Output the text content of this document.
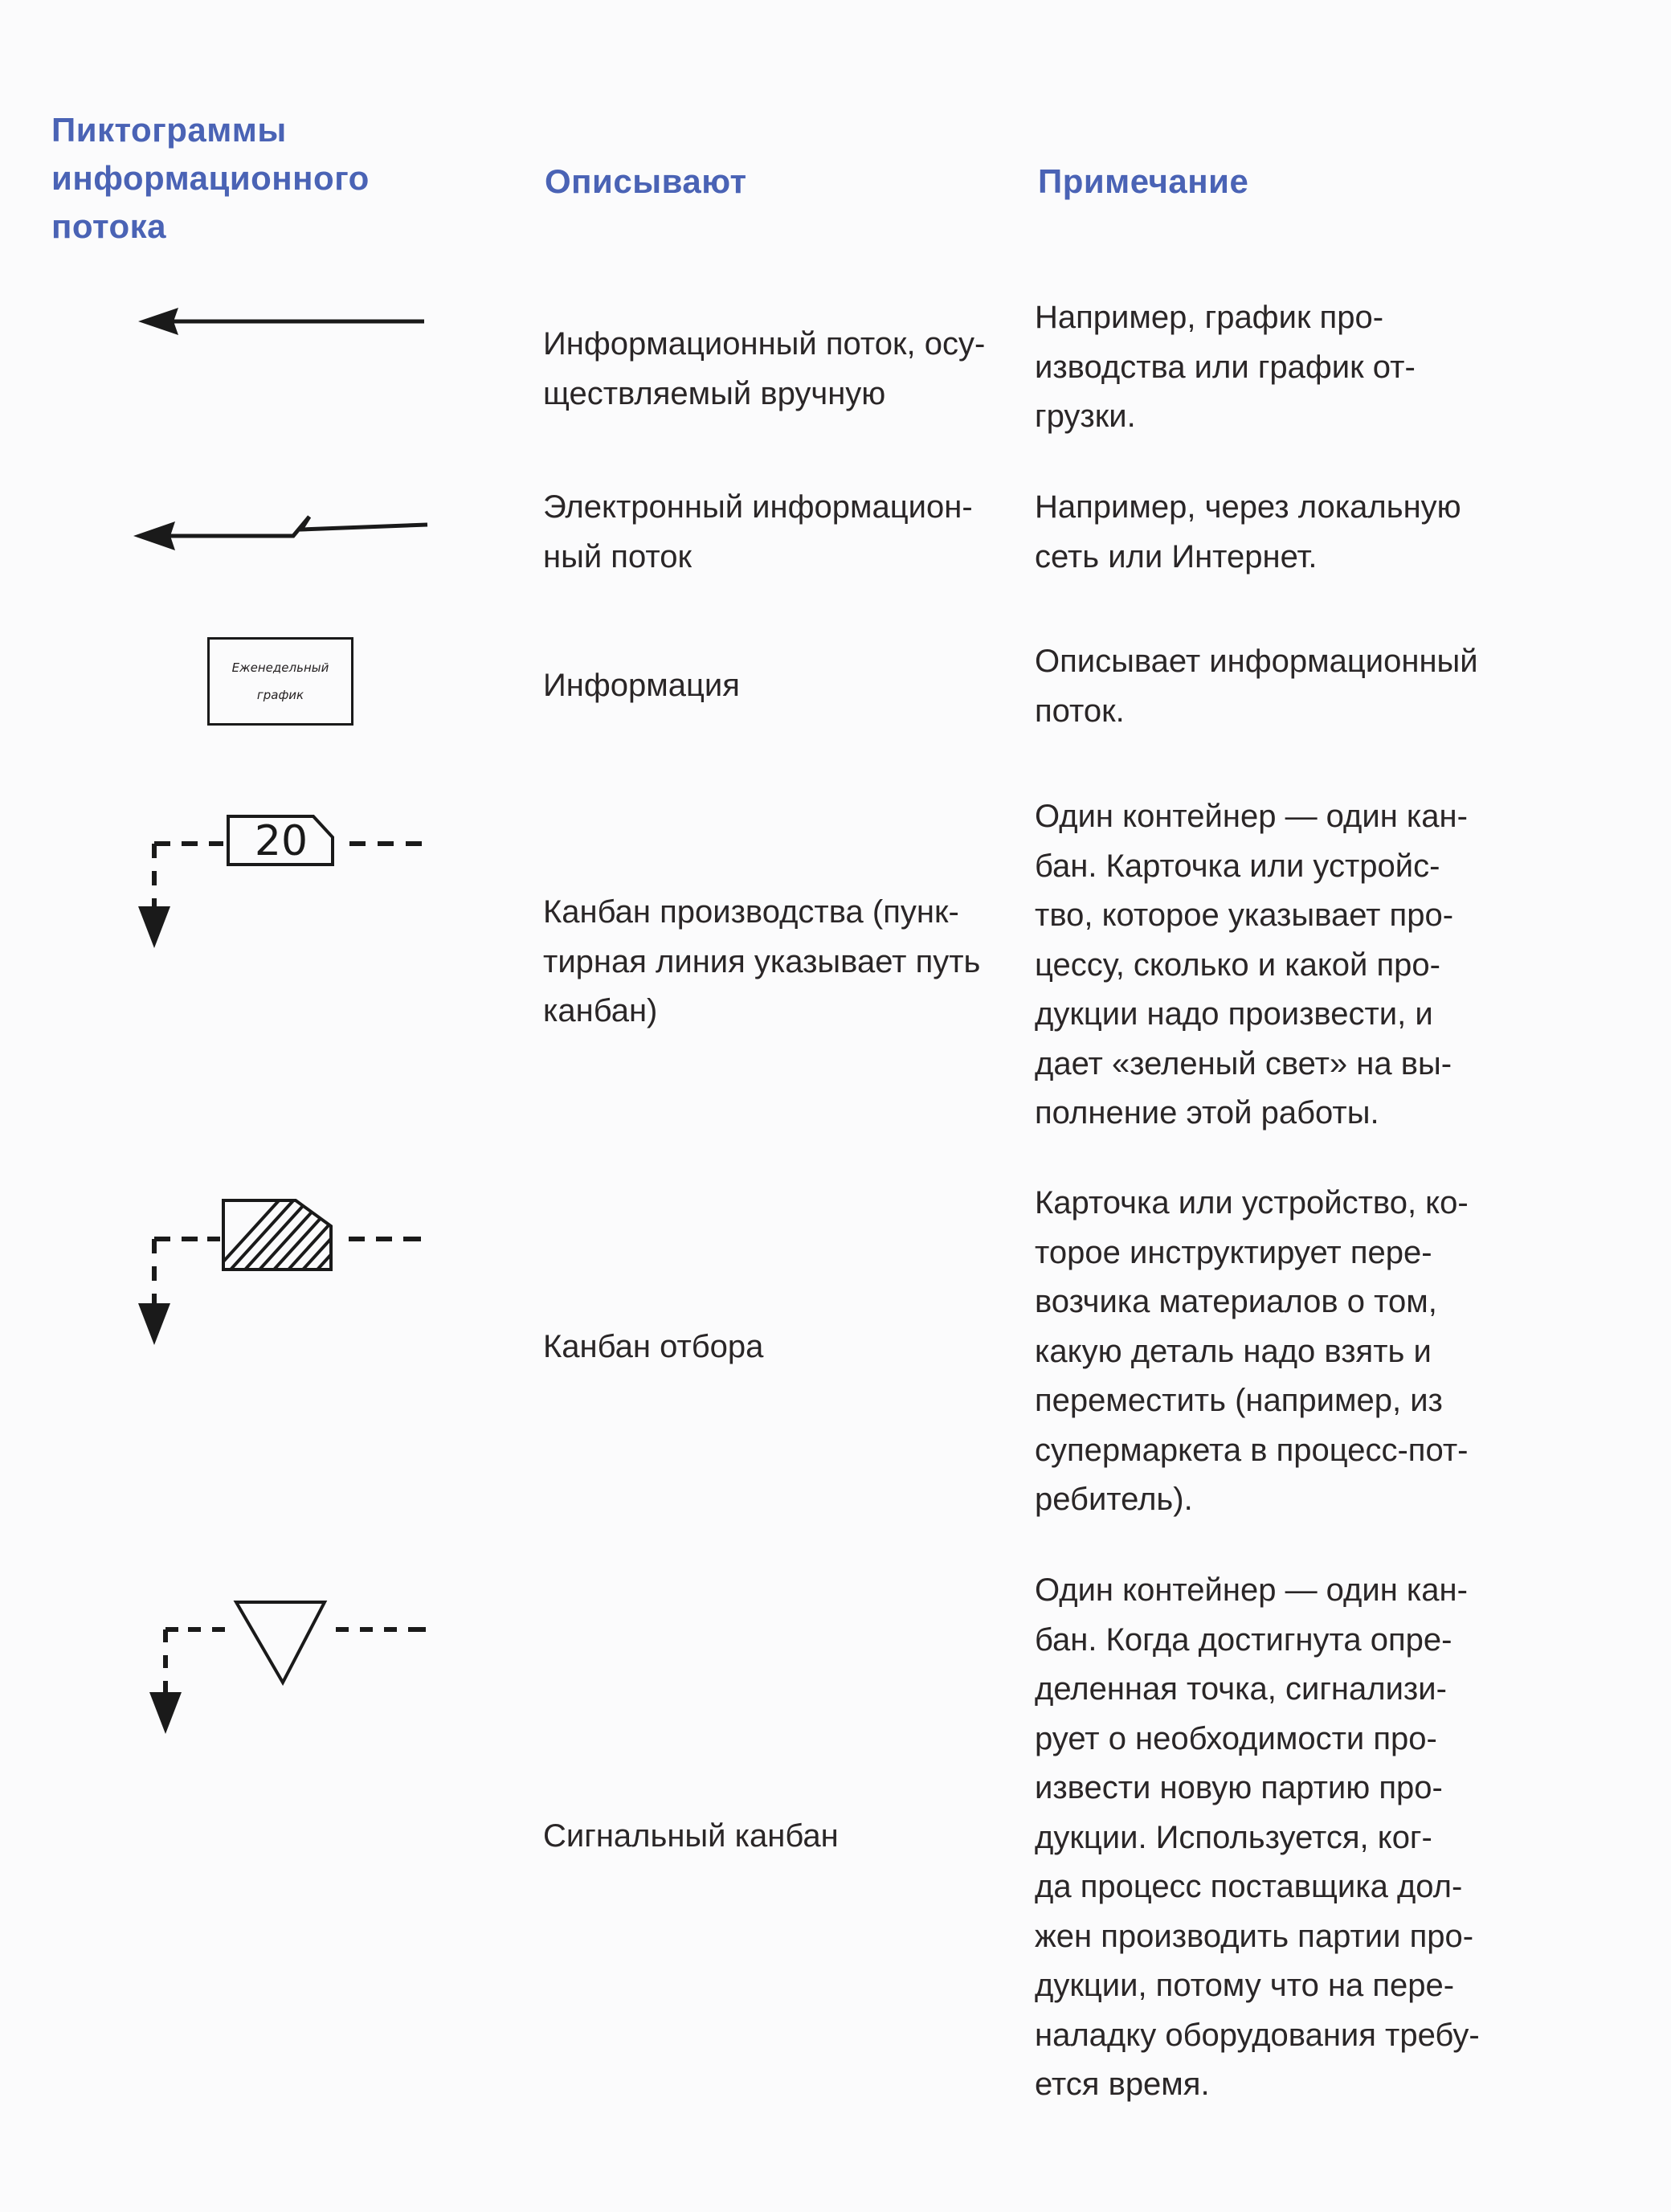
Пиктограммы
информационного
потока
Описывают	Примечание
Информационный поток, осу-
ществляемый вручную
Например, график про-
изводства или график от-
грузки.
Электронный информацион-
ный поток
Например, через локальную
сеть или Интернет.
Еженедельный
график	Информация
Описывает информационный
поток.
20
Канбан производства (пунк-
тирная линия указывает путь
канбан)
Один контейнер — один кан-
бан. Карточка или устройс-
тво, которое указывает про-
цессу, сколько и какой про-
дукции надо произвести, и
дает «зеленый свет» на вы-
полнение этой работы.
Канбан отбора
Карточка или устройство, ко-
торое инструктирует пере-
возчика материалов о том,
какую деталь надо взять и
переместить (например, из
супермаркета в процесс-пот-
ребитель).
Сигнальный канбан
Один контейнер — один кан-
бан. Когда достигнута опре-
деленная точка, сигнализи-
рует о необходимости про-
извести новую партию про-
дукции. Используется, ког-
да процесс поставщика дол-
жен производить партии про-
дукции, потому что на пере-
наладку оборудования требу-
ется время.
